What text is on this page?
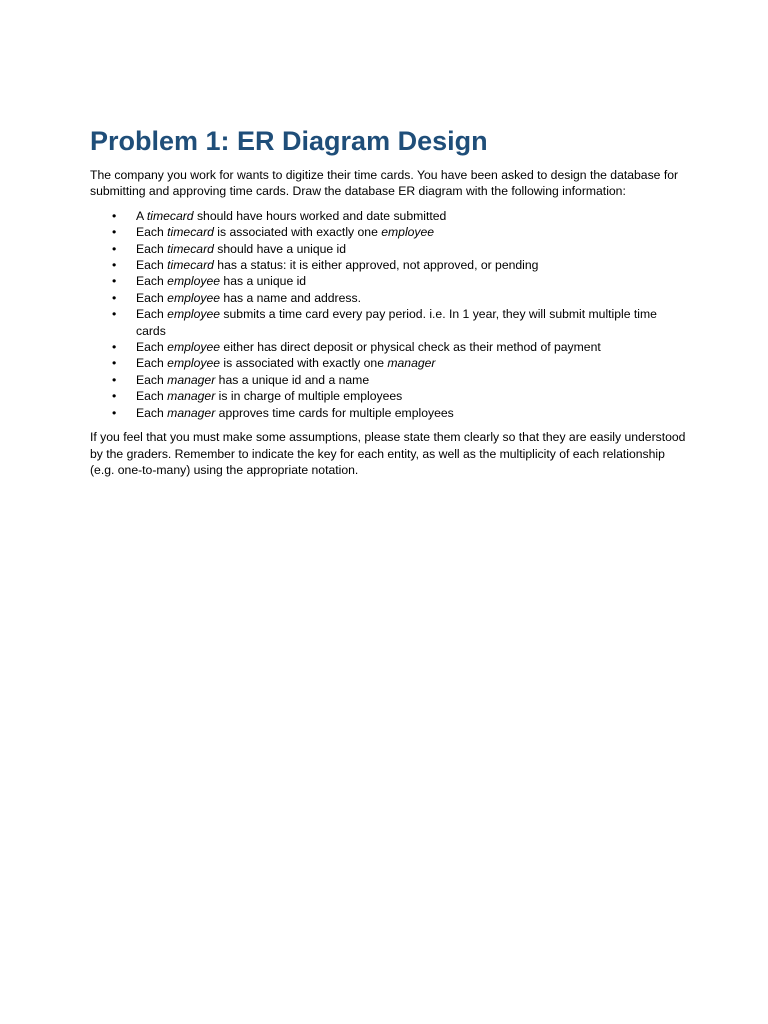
Problem 1: ER Diagram Design

The company you work for wants to digitize their time cards. You have been asked to design the database for submitting and approving time cards. Draw the database ER diagram with the following information:

• A timecard should have hours worked and date submitted
• Each timecard is associated with exactly one employee
• Each timecard should have a unique id
• Each timecard has a status: it is either approved, not approved, or pending
• Each employee has a unique id
• Each employee has a name and address.
• Each employee submits a time card every pay period. i.e. In 1 year, they will submit multiple time cards
• Each employee either has direct deposit or physical check as their method of payment
• Each employee is associated with exactly one manager
• Each manager has a unique id and a name
• Each manager is in charge of multiple employees
• Each manager approves time cards for multiple employees

If you feel that you must make some assumptions, please state them clearly so that they are easily understood by the graders. Remember to indicate the key for each entity, as well as the multiplicity of each relationship (e.g. one-to-many) using the appropriate notation.
